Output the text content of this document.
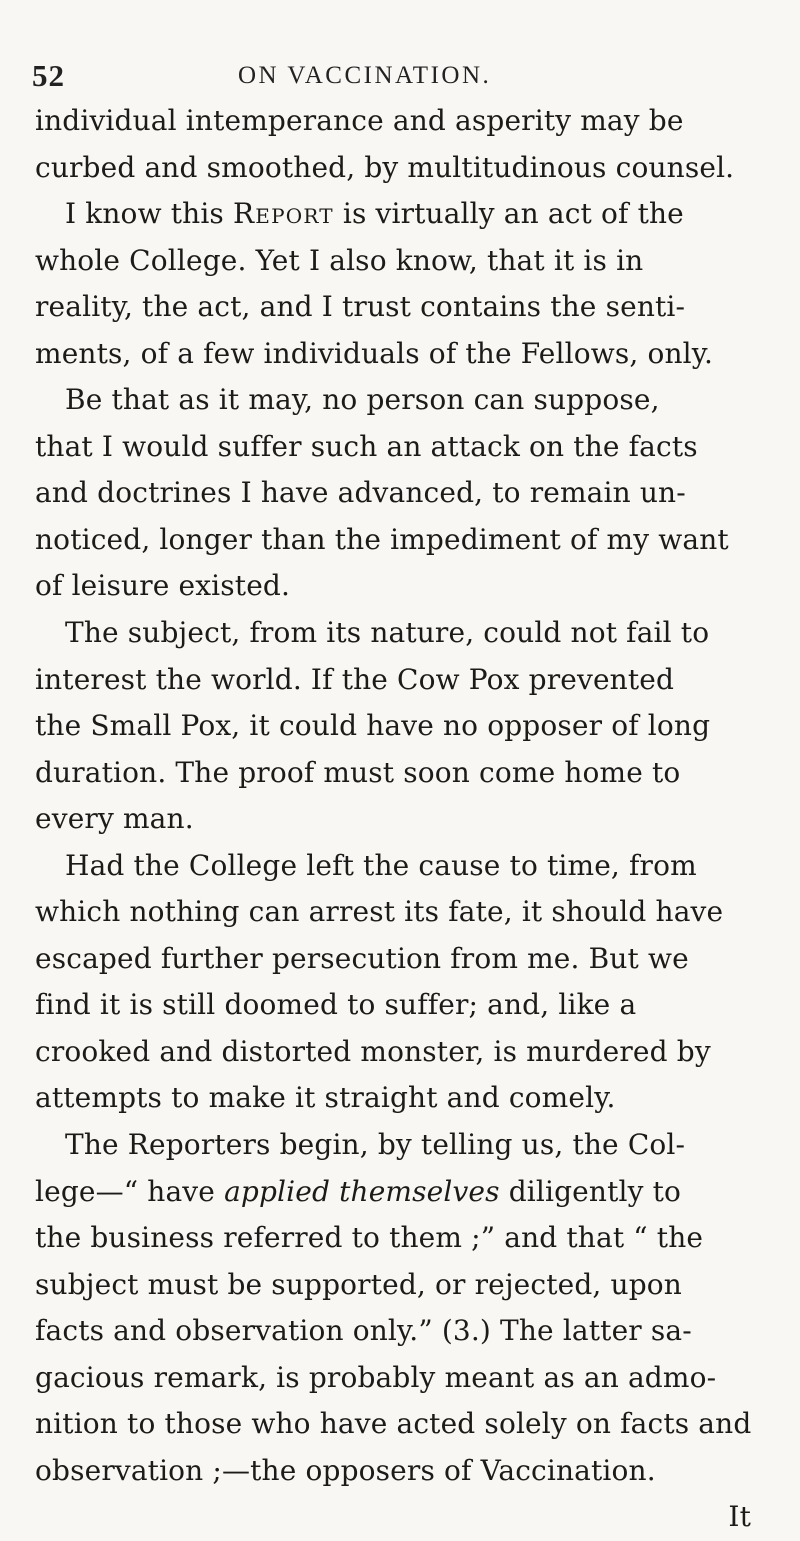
52	ON VACCINATION.
individual intemperance and asperity may be
curbed and smoothed, by multitudinous counsel.
I know this Report is virtually an act of the
whole College. Yet I also know, that it is in
reality, the act, and I trust contains the senti-
ments, of a few individuals of the Fellows, only.
Be that as it may, no person can suppose,
that I would suffer such an attack on the facts
and doctrines I have advanced, to remain un-
noticed, longer than the impediment of my want
of leisure existed.
The subject, from its nature, could not fail to
interest the world. If the Cow Pox prevented
the Small Pox, it could have no opposer of long
duration. The proof must soon come home to
every man.
Had the College left the cause to time, from
which nothing can arrest its fate, it should have
escaped further persecution from me. But we
find it is still doomed to suffer; and, like a
crooked and distorted monster, is murdered by
attempts to make it straight and comely.
The Reporters begin, by telling us, the Col-
lege—“ have applied themselves diligently to
the business referred to them ;” and that “ the
subject must be supported, or rejected, upon
facts and observation only.” (3.) The latter sa-
gacious remark, is probably meant as an admo-
nition to those who have acted solely on facts and
observation ;—the opposers of Vaccination.
It
